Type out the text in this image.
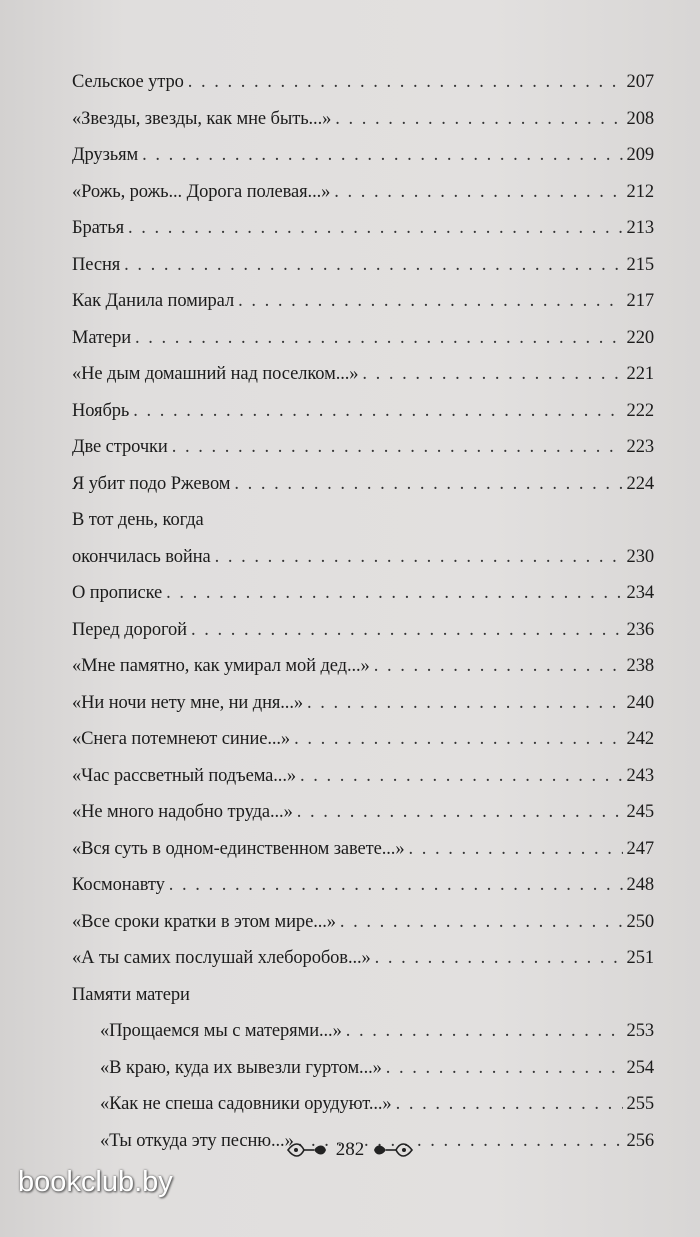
Сельское утро . . .	207
«Звезды, звезды, как мне быть...» . . .	208
Друзьям . . .	209
«Рожь, рожь... Дорога полевая...» . . .	212
Братья . . .	213
Песня . . .	215
Как Данила помирал . . .	217
Матери . . .	220
«Не дым домашний над поселком...» . . .	221
Ноябрь . . .	222
Две строчки . . .	223
Я убит подо Ржевом . . .	224
В тот день, когда
окончилась война . . .	230
О прописке . . .	234
Перед дорогой . . .	236
«Мне памятно, как умирал мой дед...» . . .	238
«Ни ночи нету мне, ни дня...» . . .	240
«Снега потемнеют синие...» . . .	242
«Час рассветный подъема...» . . .	243
«Не много надобно труда...» . . .	245
«Вся суть в одном-единственном завете...» . . .	247
Космонавту . . .	248
«Все сроки кратки в этом мире...» . . .	250
«А ты самих послушай хлеборобов...» . . .	251
Памяти матери
«Прощаемся мы с матерями...» . . .	253
«В краю, куда их вывезли гуртом...» . . .	254
«Как не спеша садовники орудуют...» . . .	255
«Ты откуда эту песню...» . . .	256
282
bookclub.by
